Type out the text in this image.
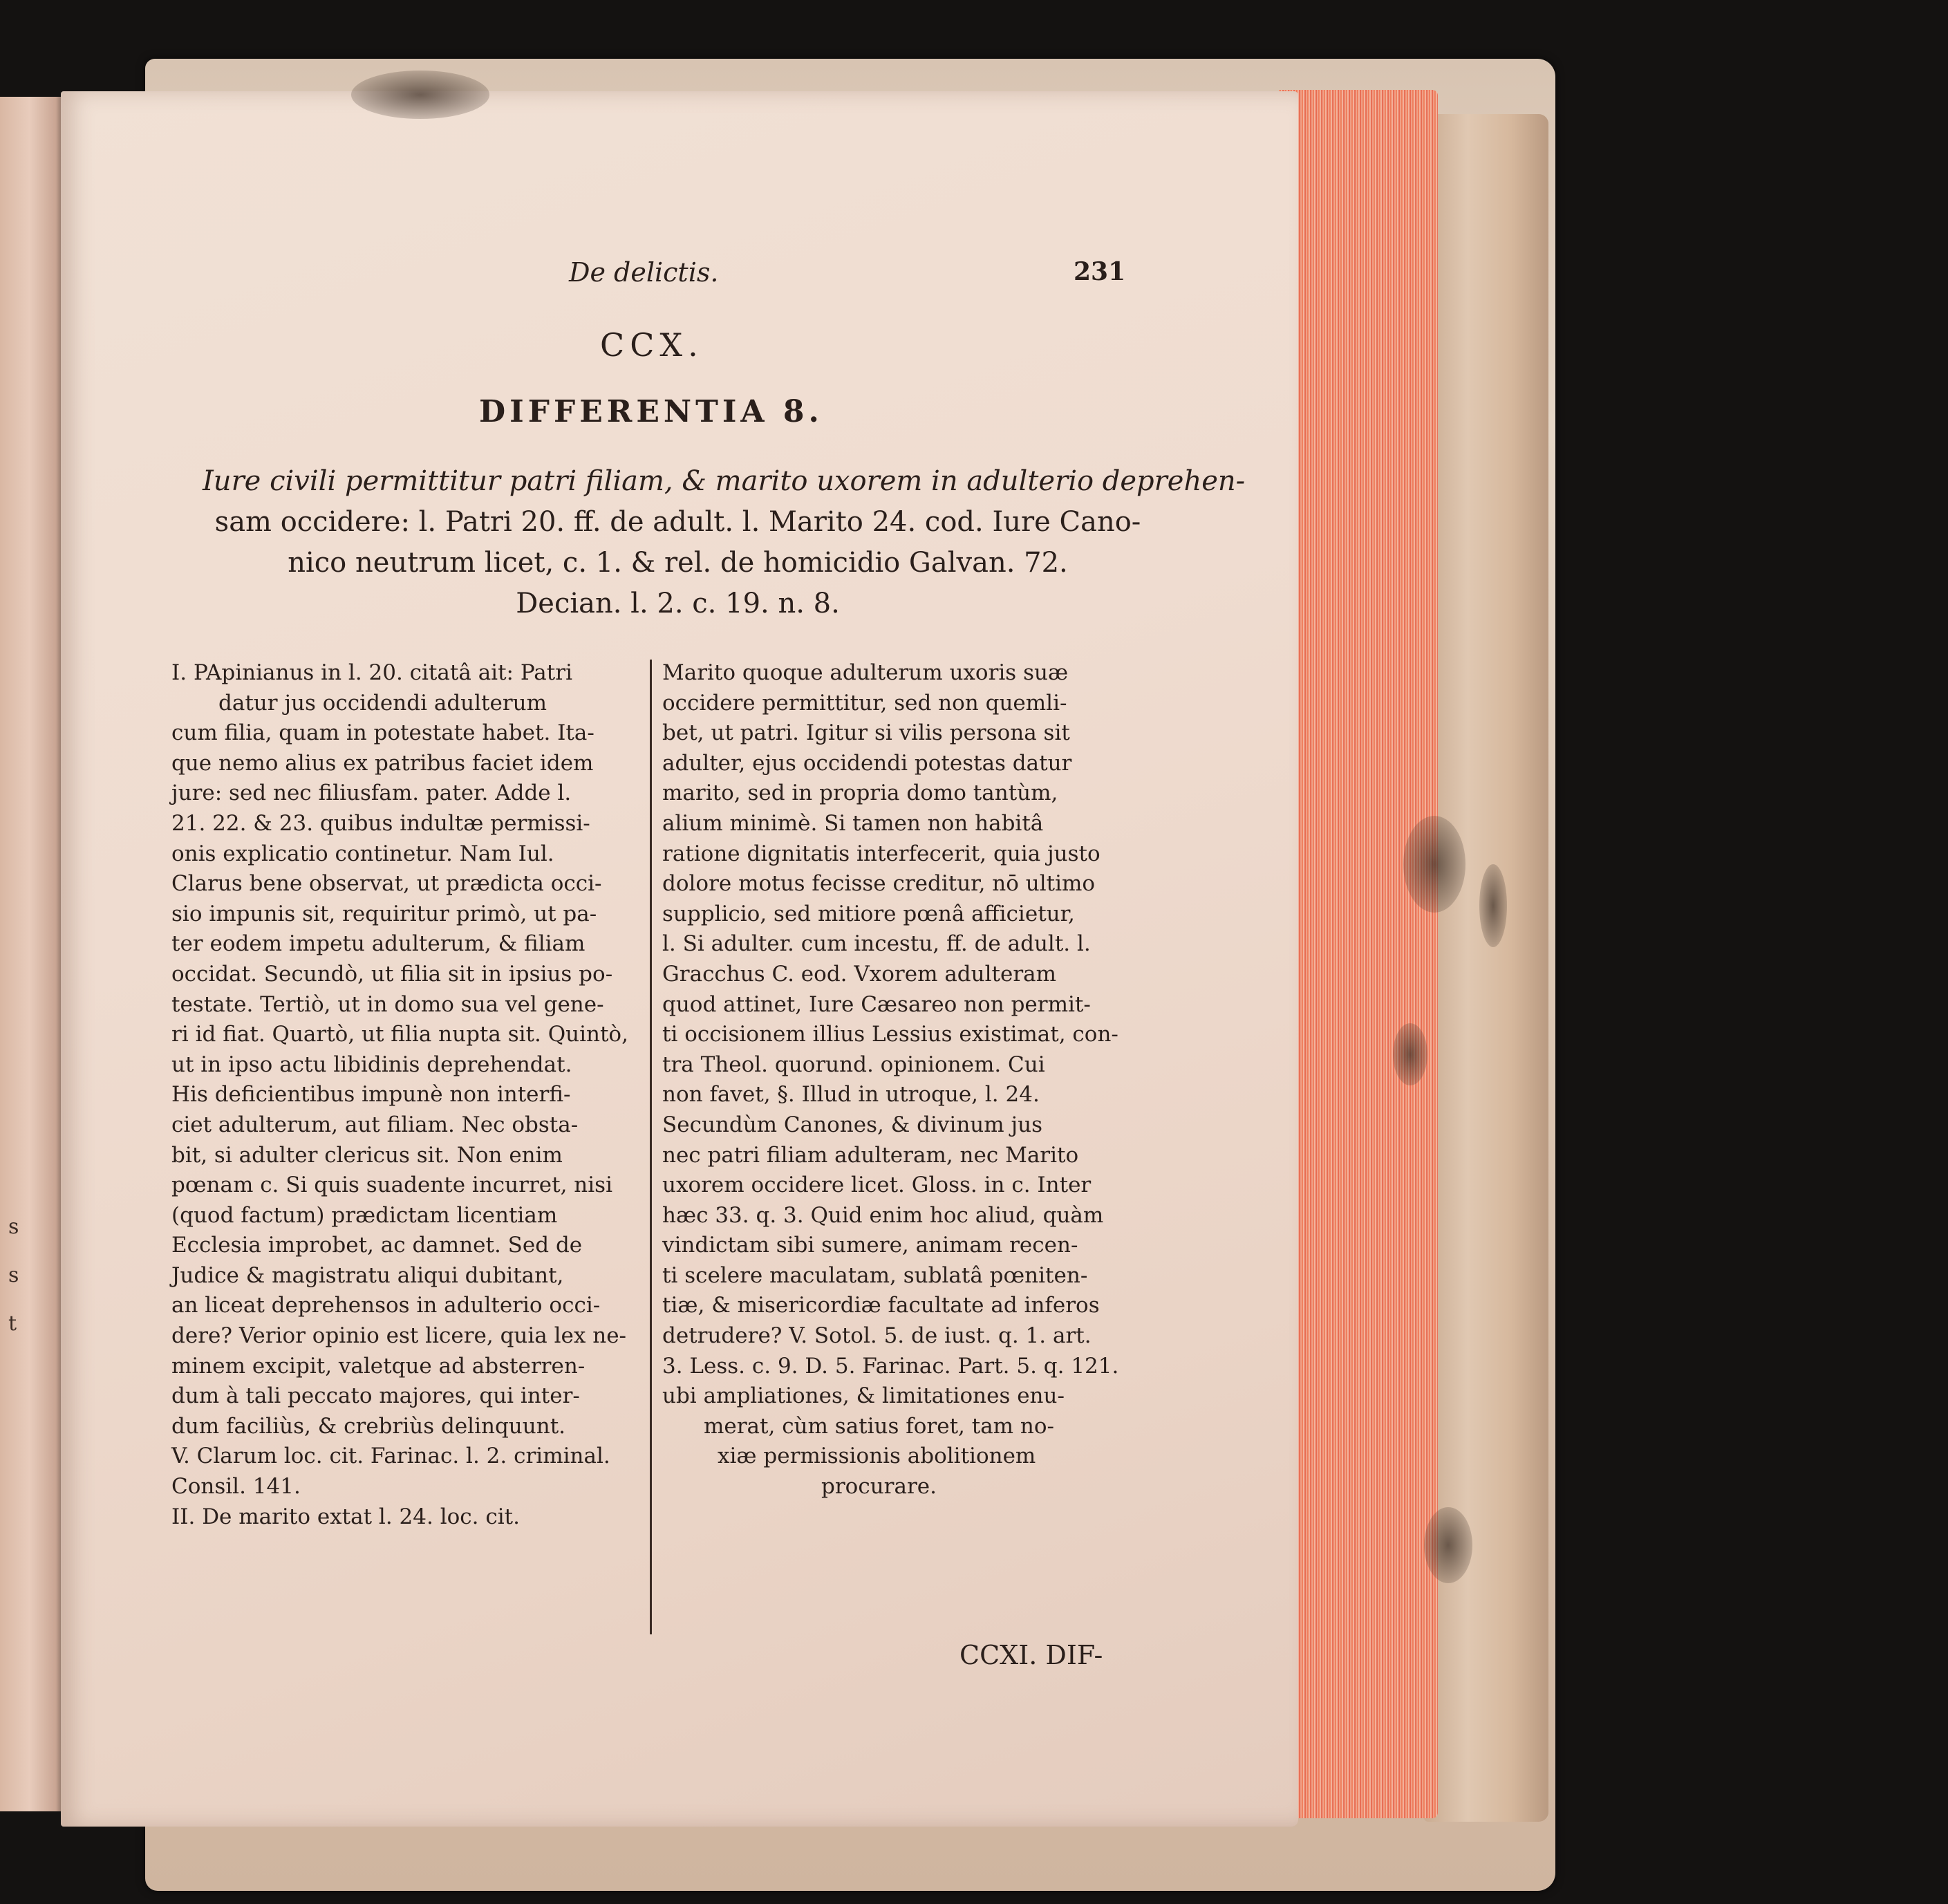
s
s
t
De delictis.	231
CCX.
DIFFERENTIA 8.
Iure civili permittitur patri filiam, & marito uxorem in adulterio deprehen-
sam occidere: l. Patri 20. ff. de adult. l. Marito 24. cod. Iure Cano-
nico neutrum licet, c. 1. & rel. de homicidio Galvan. 72.
Decian. l. 2. c. 19. n. 8.
I. PApinianus in l. 20. citatâ ait: Patri
datur jus occidendi adulterum
cum filia, quam in potestate habet. Ita-
que nemo alius ex patribus faciet idem
jure: sed nec filiusfam. pater. Adde l.
21. 22. & 23. quibus indultæ permissi-
onis explicatio continetur. Nam Iul.
Clarus bene observat, ut prædicta occi-
sio impunis sit, requiritur primò, ut pa-
ter eodem impetu adulterum, & filiam
occidat. Secundò, ut filia sit in ipsius po-
testate. Tertiò, ut in domo sua vel gene-
ri id fiat. Quartò, ut filia nupta sit. Quintò,
ut in ipso actu libidinis deprehendat.
His deficientibus impunè non interfi-
ciet adulterum, aut filiam. Nec obsta-
bit, si adulter clericus sit. Non enim
pœnam c. Si quis suadente incurret, nisi
(quod factum) prædictam licentiam
Ecclesia improbet, ac damnet. Sed de
Judice & magistratu aliqui dubitant,
an liceat deprehensos in adulterio occi-
dere? Verior opinio est licere, quia lex ne-
minem excipit, valetque ad absterren-
dum à tali peccato majores, qui inter-
dum faciliùs, & crebriùs delinquunt.
V. Clarum loc. cit. Farinac. l. 2. criminal.
Consil. 141.
II. De marito extat l. 24. loc. cit.
Marito quoque adulterum uxoris suæ
occidere permittitur, sed non quemli-
bet, ut patri. Igitur si vilis persona sit
adulter, ejus occidendi potestas datur
marito, sed in propria domo tantùm,
alium minimè. Si tamen non habitâ
ratione dignitatis interfecerit, quia justo
dolore motus fecisse creditur, nō ultimo
supplicio, sed mitiore pœnâ afficietur,
l. Si adulter. cum incestu, ff. de adult. l.
Gracchus C. eod. Vxorem adulteram
quod attinet, Iure Cæsareo non permit-
ti occisionem illius Lessius existimat, con-
tra Theol. quorund. opinionem. Cui
non favet, §. Illud in utroque, l. 24.
Secundùm Canones, & divinum jus
nec patri filiam adulteram, nec Marito
uxorem occidere licet. Gloss. in c. Inter
hæc 33. q. 3. Quid enim hoc aliud, quàm
vindictam sibi sumere, animam recen-
ti scelere maculatam, sublatâ pœniten-
tiæ, & misericordiæ facultate ad inferos
detrudere? V. Sotol. 5. de iust. q. 1. art.
3. Less. c. 9. D. 5. Farinac. Part. 5. q. 121.
ubi ampliationes, & limitationes enu-
merat, cùm satius foret, tam no-
xiæ permissionis abolitionem
procurare.
CCXI. DIF-
